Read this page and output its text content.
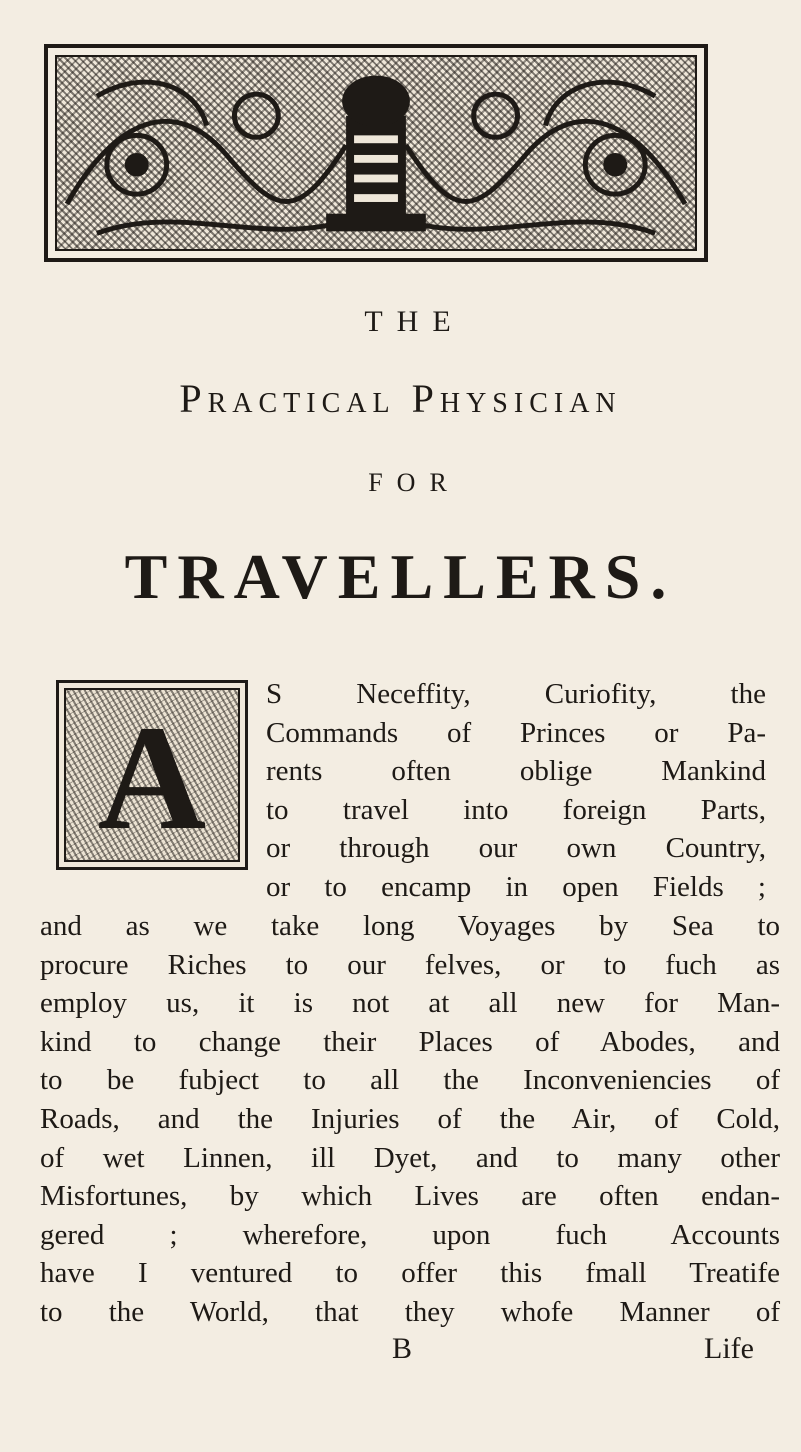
THE
Practical Physician
FOR
TRAVELLERS.
A
S Neceffity, Curiofity, the
Commands of Princes or Pa-
rents often oblige Mankind
to travel into foreign Parts,
or through our own Country,
or to encamp in open Fields ;
and as we take long Voyages by Sea to
procure Riches to our felves, or to fuch as
employ us, it is not at all new for Man-
kind to change their Places of Abodes, and
to be fubject to all the Inconveniencies of
Roads, and the Injuries of the Air, of Cold,
of wet Linnen, ill Dyet, and to many other
Misfortunes, by which Lives are often endan-
gered ; wherefore, upon fuch Accounts
have I ventured to offer this fmall Treatife
to the World, that they whofe Manner of
B	Life
